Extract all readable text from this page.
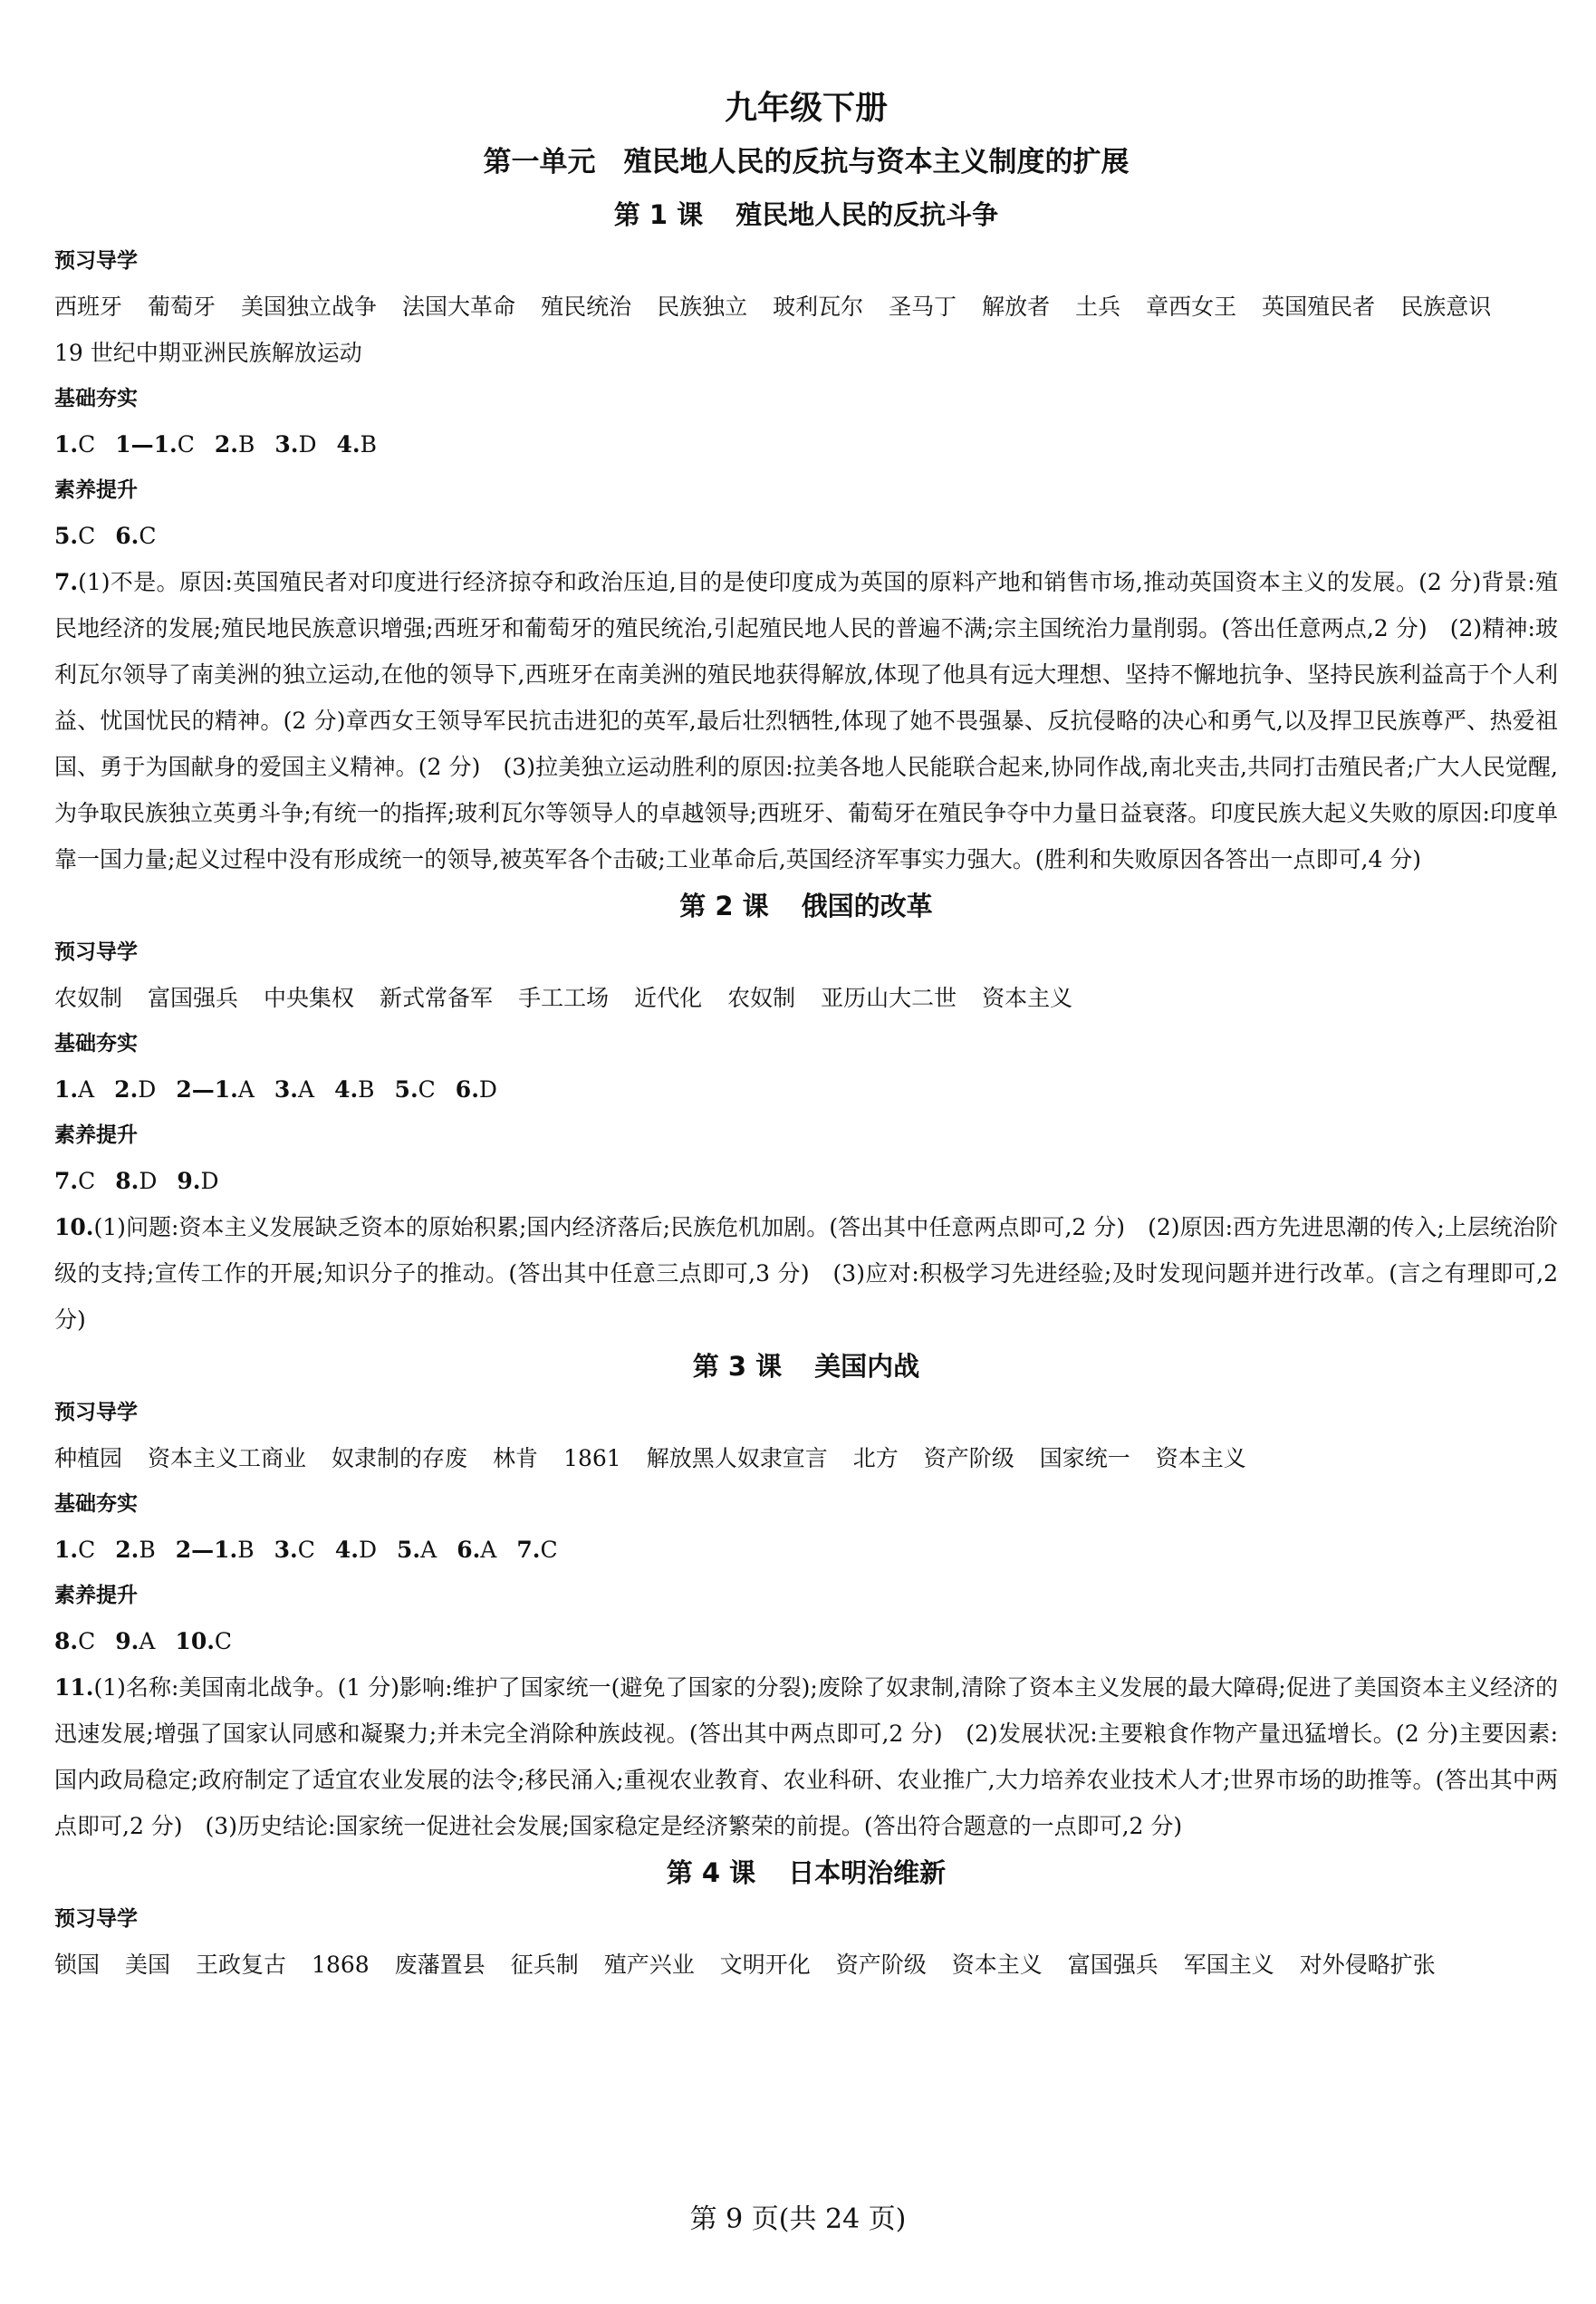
九年级下册
第一单元　殖民地人民的反抗与资本主义制度的扩展
第 1 课 殖民地人民的反抗斗争
预习导学
西班牙 葡萄牙 美国独立战争 法国大革命 殖民统治 民族独立 玻利瓦尔 圣马丁 解放者 土兵 章西女王 英国殖民者 民族意识19 世纪中期亚洲民族解放运动
基础夯实
1.C 1—1.C 2.B 3.D 4.B
素养提升
5.C 6.C

7.(1)不是。原因:英国殖民者对印度进行经济掠夺和政治压迫,目的是使印度成为英国的原料产地和销售市场,推动英国资本主义的发展。(2 分)背景:殖民地经济的发展;殖民地民族意识增强;西班牙和葡萄牙的殖民统治,引起殖民地人民的普遍不满;宗主国统治力量削弱。(答出任意两点,2 分)　(2)精神:玻利瓦尔领导了南美洲的独立运动,在他的领导下,西班牙在南美洲的殖民地获得解放,体现了他具有远大理想、坚持不懈地抗争、坚持民族利益高于个人利益、忧国忧民的精神。(2 分)章西女王领导军民抗击进犯的英军,最后壮烈牺牲,体现了她不畏强暴、反抗侵略的决心和勇气,以及捍卫民族尊严、热爱祖国、勇于为国献身的爱国主义精神。(2 分)　(3)拉美独立运动胜利的原因:拉美各地人民能联合起来,协同作战,南北夹击,共同打击殖民者;广大人民觉醒,为争取民族独立英勇斗争;有统一的指挥;玻利瓦尔等领导人的卓越领导;西班牙、葡萄牙在殖民争夺中力量日益衰落。印度民族大起义失败的原因:印度单靠一国力量;起义过程中没有形成统一的领导,被英军各个击破;工业革命后,英国经济军事实力强大。(胜利和失败原因各答出一点即可,4 分)

第 2 课 俄国的改革
预习导学
农奴制 富国强兵 中央集权 新式常备军 手工工场 近代化 农奴制 亚历山大二世 资本主义
基础夯实
1.A 2.D 2—1.A 3.A 4.B 5.C 6.D
素养提升
7.C 8.D 9.D

10.(1)问题:资本主义发展缺乏资本的原始积累;国内经济落后;民族危机加剧。(答出其中任意两点即可,2 分)　(2)原因:西方先进思潮的传入;上层统治阶级的支持;宣传工作的开展;知识分子的推动。(答出其中任意三点即可,3 分)　(3)应对:积极学习先进经验;及时发现问题并进行改革。(言之有理即可,2 分)

第 3 课 美国内战
预习导学
种植园 资本主义工商业 奴隶制的存废 林肯 1861 解放黑人奴隶宣言 北方 资产阶级 国家统一 资本主义
基础夯实
1.C 2.B 2—1.B 3.C 4.D 5.A 6.A 7.C
素养提升
8.C 9.A 10.C

11.(1)名称:美国南北战争。(1 分)影响:维护了国家统一(避免了国家的分裂);废除了奴隶制,清除了资本主义发展的最大障碍;促进了美国资本主义经济的迅速发展;增强了国家认同感和凝聚力;并未完全消除种族歧视。(答出其中两点即可,2 分)　(2)发展状况:主要粮食作物产量迅猛增长。(2 分)主要因素:国内政局稳定;政府制定了适宜农业发展的法令;移民涌入;重视农业教育、农业科研、农业推广,大力培养农业技术人才;世界市场的助推等。(答出其中两点即可,2 分)　(3)历史结论:国家统一促进社会发展;国家稳定是经济繁荣的前提。(答出符合题意的一点即可,2 分)

第 4 课 日本明治维新
预习导学
锁国 美国 王政复古 1868 废藩置县 征兵制 殖产兴业 文明开化 资产阶级 资本主义 富国强兵 军国主义 对外侵略扩张
第 9 页(共 24 页)
